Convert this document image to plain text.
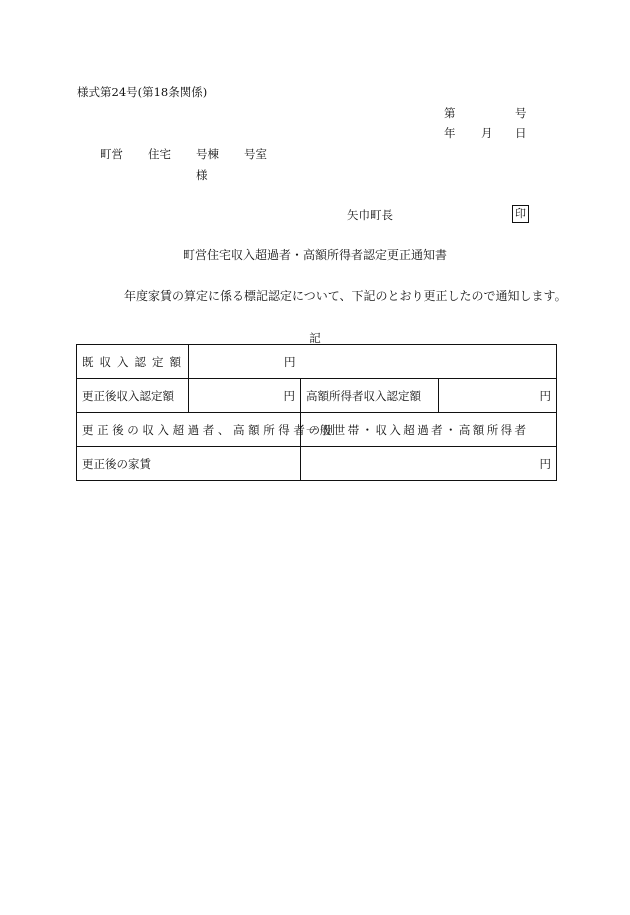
様式第24号(第18条関係)
第	号
年 月 日
町営 住宅 号棟 号室
様
矢巾町長	印
町営住宅収入超過者・高額所得者認定更正通知書
年度家賃の算定に係る標記認定について、下記のとおり更正したので通知します。
記
既収入認定額	円		
更正後収入認定額	円	高額所得者収入認定額	円
更正後の収入超過者、高額所得者の別		一般世帯・収入超過者・高額所得者	
更正後の家賃		円	
